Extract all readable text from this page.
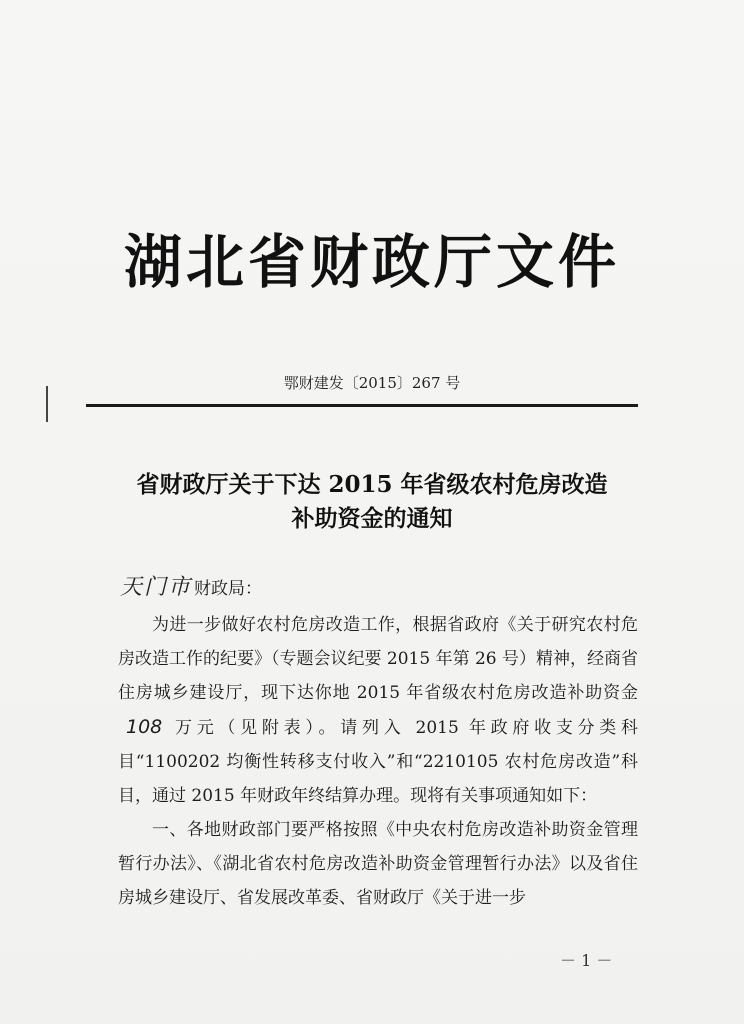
湖北省财政厅文件
鄂财建发〔2015〕267 号
省财政厅关于下达 2015 年省级农村危房改造
补助资金的通知
天门市 财政局：

为进一步做好农村危房改造工作，根据省政府《关于研究农村危房改造工作的纪要》（专题会议纪要 2015 年第 26 号）精神，经商省住房城乡建设厅，现下达你地 2015 年省级农村危房改造补助资金108 万元（见附表）。请列入 2015 年政府收支分类科目“1100202 均衡性转移支付收入”和“2210105 农村危房改造”科目，通过 2015 年财政年终结算办理。现将有关事项通知如下：

一、各地财政部门要严格按照《中央农村危房改造补助资金管理暂行办法》、《湖北省农村危房改造补助资金管理暂行办法》以及省住房城乡建设厅、省发展改革委、省财政厅《关于进一步

－ 1 －
